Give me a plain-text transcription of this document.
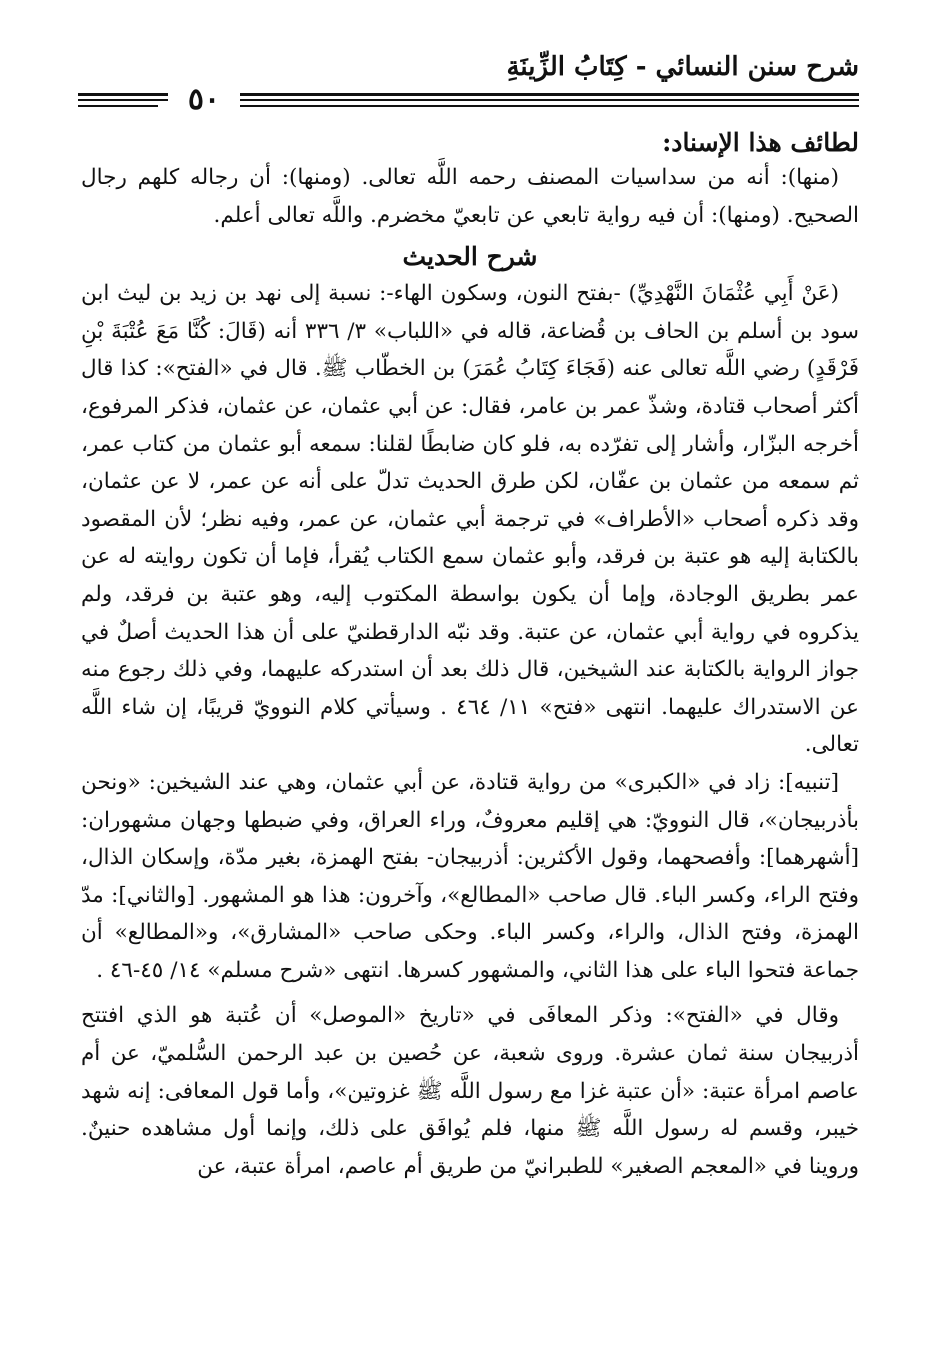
شرح سنن النسائي - كِتَابُ الزِّينَةِ
٥٠
لطائف هذا الإسناد:

(منها): أنه من سداسيات المصنف رحمه اللَّه تعالى. (ومنها): أن رجاله كلهم رجال الصحيح. (ومنها): أن فيه رواية تابعي عن تابعيّ مخضرم. واللَّه تعالى أعلم.

شرح الحديث

(عَنْ أَبِي عُثْمَانَ النَّهْدِيِّ) -بفتح النون، وسكون الهاء-: نسبة إلى نهد بن زيد بن ليث ابن سود بن أسلم بن الحاف بن قُضاعة، قاله في «اللباب» ٣/ ٣٣٦ أنه (قَالَ: كُنَّا مَعَ عُتْبَةَ بْنِ فَرْقَدٍ) رضي اللَّه تعالى عنه (فَجَاءَ كِتَابُ عُمَرَ) بن الخطّاب ﷺ. قال في «الفتح»: كذا قال أكثر أصحاب قتادة، وشذّ عمر بن عامر، فقال: عن أبي عثمان، عن عثمان، فذكر المرفوع، أخرجه البزّار، وأشار إلى تفرّده به، فلو كان ضابطًا لقلنا: سمعه أبو عثمان من كتاب عمر، ثم سمعه من عثمان بن عفّان، لكن طرق الحديث تدلّ على أنه عن عمر، لا عن عثمان، وقد ذكره أصحاب «الأطراف» في ترجمة أبي عثمان، عن عمر، وفيه نظر؛ لأن المقصود بالكتابة إليه هو عتبة بن فرقد، وأبو عثمان سمع الكتاب يُقرأ، فإما أن تكون روايته له عن عمر بطريق الوجادة، وإما أن يكون بواسطة المكتوب إليه، وهو عتبة بن فرقد، ولم يذكروه في رواية أبي عثمان، عن عتبة. وقد نبّه الدارقطنيّ على أن هذا الحديث أصلٌ في جواز الرواية بالكتابة عند الشيخين، قال ذلك بعد أن استدركه عليهما، وفي ذلك رجوع منه عن الاستدراك عليهما. انتهى «فتح» ١١/ ٤٦٤ . وسيأتي كلام النوويّ قريبًا، إن شاء اللَّه تعالى.

[تنبيه]: زاد في «الكبرى» من رواية قتادة، عن أبي عثمان، وهي عند الشيخين: «ونحن بأذربيجان»، قال النوويّ: هي إقليم معروفٌ، وراء العراق، وفي ضبطها وجهان مشهوران: [أشهرهما]: وأفصحهما، وقول الأكثرين: أذربيجان- بفتح الهمزة، بغير مدّة، وإسكان الذال، وفتح الراء، وكسر الباء. قال صاحب «المطالع»، وآخرون: هذا هو المشهور. [والثاني]: مدّ الهمزة، وفتح الذال، والراء، وكسر الباء. وحكى صاحب «المشارق»، و«المطالع» أن جماعة فتحوا الباء على هذا الثاني، والمشهور كسرها. انتهى «شرح مسلم» ١٤/ ٤٥-٤٦ .

وقال في «الفتح»: وذكر المعافَى في «تاريخ «الموصل» أن عُتبة هو الذي افتتح أذربيجان سنة ثمان عشرة. وروى شعبة، عن حُصين بن عبد الرحمن السُّلميّ، عن أم عاصم امرأة عتبة: «أن عتبة غزا مع رسول اللَّه ﷺ غزوتين»، وأما قول المعافى: إنه شهد خيبر، وقسم له رسول اللَّه ﷺ منها، فلم يُوافَق على ذلك، وإنما أول مشاهده حنينٌ. وروينا في «المعجم الصغير» للطبرانيّ من طريق أم عاصم، امرأة عتبة، عن
